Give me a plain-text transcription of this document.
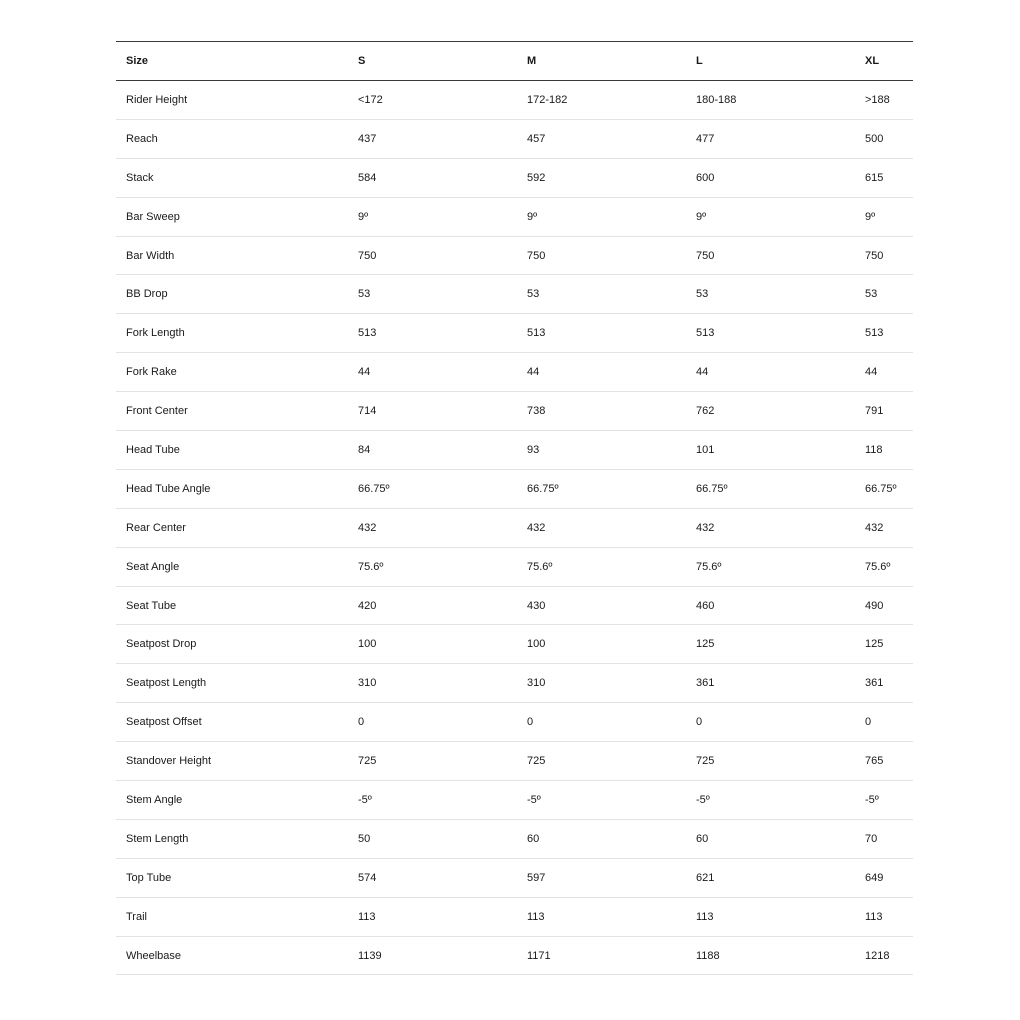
Size	S	M	L	XL
Rider Height	<172	172-182	180-188	>188
Reach	437	457	477	500
Stack	584	592	600	615
Bar Sweep	9º	9º	9º	9º
Bar Width	750	750	750	750
BB Drop	53	53	53	53
Fork Length	513	513	513	513
Fork Rake	44	44	44	44
Front Center	714	738	762	791
Head Tube	84	93	101	118
Head Tube Angle	66.75º	66.75º	66.75º	66.75º
Rear Center	432	432	432	432
Seat Angle	75.6º	75.6º	75.6º	75.6º
Seat Tube	420	430	460	490
Seatpost Drop	100	100	125	125
Seatpost Length	310	310	361	361
Seatpost Offset	0	0	0	0
Standover Height	725	725	725	765
Stem Angle	-5º	-5º	-5º	-5º
Stem Length	50	60	60	70
Top Tube	574	597	621	649
Trail	113	113	113	113
Wheelbase	1139	1171	1188	1218
